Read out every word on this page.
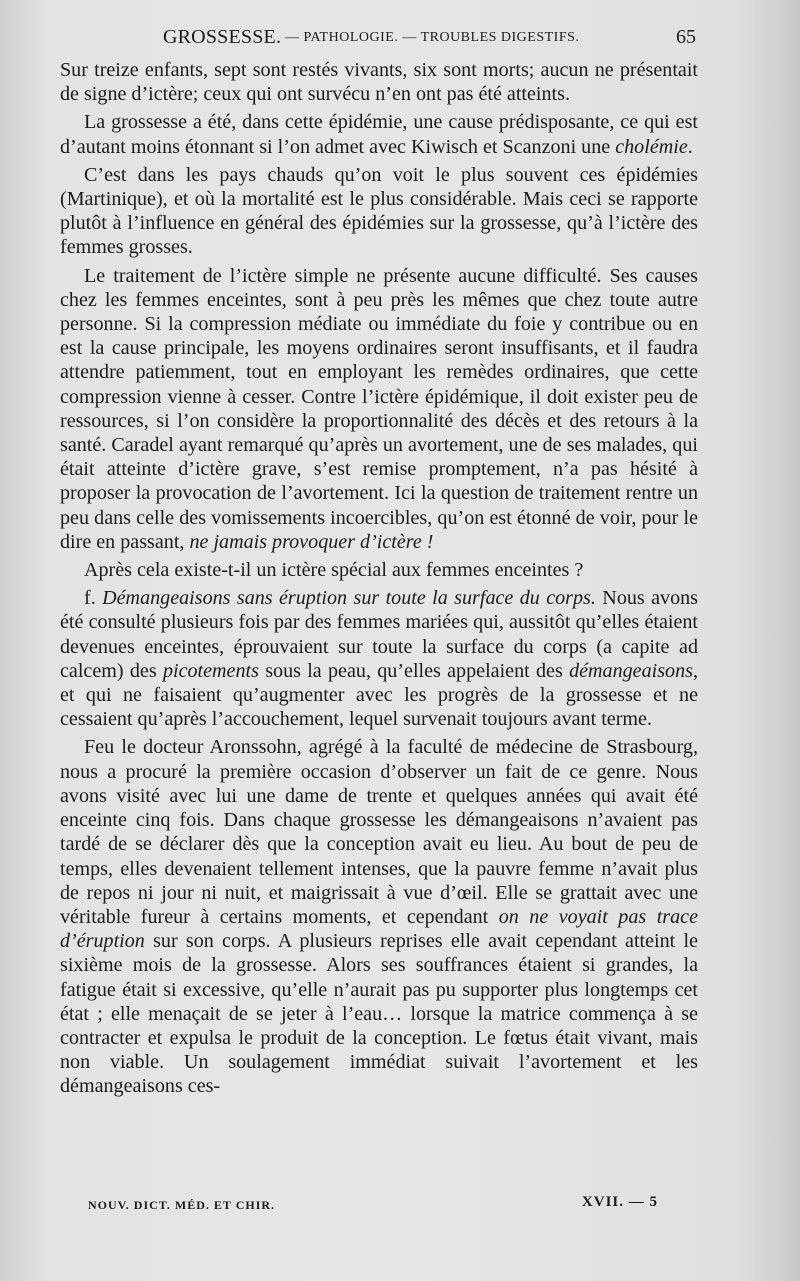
GROSSESSE. — PATHOLOGIE. — TROUBLES DIGESTIFS.	65

Sur treize enfants, sept sont restés vivants, six sont morts; aucun ne présentait de signe d’ictère; ceux qui ont survécu n’en ont pas été atteints.

La grossesse a été, dans cette épidémie, une cause prédisposante, ce qui est d’autant moins étonnant si l’on admet avec Kiwisch et Scanzoni une cholémie.

C’est dans les pays chauds qu’on voit le plus souvent ces épidémies (Martinique), et où la mortalité est le plus considérable. Mais ceci se rapporte plutôt à l’influence en général des épidémies sur la grossesse, qu’à l’ictère des femmes grosses.

Le traitement de l’ictère simple ne présente aucune difficulté. Ses causes chez les femmes enceintes, sont à peu près les mêmes que chez toute autre personne. Si la compression médiate ou immédiate du foie y contribue ou en est la cause principale, les moyens ordinaires seront insuffisants, et il faudra attendre patiemment, tout en employant les remèdes ordinaires, que cette compression vienne à cesser. Contre l’ictère épidémique, il doit exister peu de ressources, si l’on considère la proportionnalité des décès et des retours à la santé. Caradel ayant remarqué qu’après un avortement, une de ses malades, qui était atteinte d’ictère grave, s’est remise promptement, n’a pas hésité à proposer la provocation de l’avortement. Ici la question de traitement rentre un peu dans celle des vomissements incoercibles, qu’on est étonné de voir, pour le dire en passant, ne jamais provoquer d’ictère !

Après cela existe-t-il un ictère spécial aux femmes enceintes ?

f. Démangeaisons sans éruption sur toute la surface du corps. Nous avons été consulté plusieurs fois par des femmes mariées qui, aussitôt qu’elles étaient devenues enceintes, éprouvaient sur toute la surface du corps (a capite ad calcem) des picotements sous la peau, qu’elles appelaient des démangeaisons, et qui ne faisaient qu’augmenter avec les progrès de la grossesse et ne cessaient qu’après l’accouchement, lequel survenait toujours avant terme.

Feu le docteur Aronssohn, agrégé à la faculté de médecine de Strasbourg, nous a procuré la première occasion d’observer un fait de ce genre. Nous avons visité avec lui une dame de trente et quelques années qui avait été enceinte cinq fois. Dans chaque grossesse les démangeaisons n’avaient pas tardé de se déclarer dès que la conception avait eu lieu. Au bout de peu de temps, elles devenaient tellement intenses, que la pauvre femme n’avait plus de repos ni jour ni nuit, et maigrissait à vue d’œil. Elle se grattait avec une véritable fureur à certains moments, et cependant on ne voyait pas trace d’éruption sur son corps. A plusieurs reprises elle avait cependant atteint le sixième mois de la grossesse. Alors ses souffrances étaient si grandes, la fatigue était si excessive, qu’elle n’aurait pas pu supporter plus longtemps cet état ; elle menaçait de se jeter à l’eau… lorsque la matrice commença à se contracter et expulsa le produit de la conception. Le fœtus était vivant, mais non viable. Un soulagement immédiat suivait l’avortement et les démangeaisons ces-

NOUV. DICT. MÉD. ET CHIR.	XVII. — 5
